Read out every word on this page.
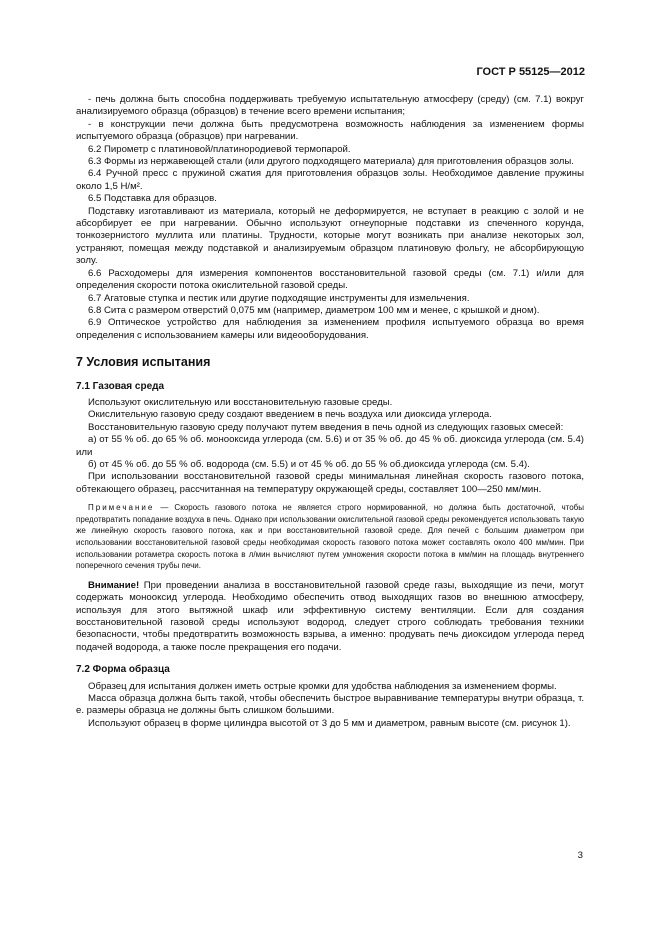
ГОСТ Р 55125—2012

- печь должна быть способна поддерживать требуемую испытательную атмосферу (среду) (см. 7.1) вокруг анализируемого образца (образцов) в течение всего времени испытания;

- в конструкции печи должна быть предусмотрена возможность наблюдения за изменением формы испытуемого образца (образцов) при нагревании.

6.2 Пирометр с платиновой/платинородиевой термопарой.

6.3 Формы из нержавеющей стали (или другого подходящего материала) для приготовления образцов золы.

6.4 Ручной пресс с пружиной сжатия для приготовления образцов золы. Необходимое давление пружины около 1,5 Н/м².

6.5 Подставка для образцов.

Подставку изготавливают из материала, который не деформируется, не вступает в реакцию с золой и не абсорбирует ее при нагревании. Обычно используют огнеупорные подставки из спеченного корунда, тонкозернистого муллита или платины. Трудности, которые могут возникать при анализе некоторых зол, устраняют, помещая между подставкой и анализируемым образцом платиновую фольгу, не абсорбирующую золу.

6.6 Расходомеры для измерения компонентов восстановительной газовой среды (см. 7.1) и/или для определения скорости потока окислительной газовой среды.

6.7 Агатовые ступка и пестик или другие подходящие инструменты для измельчения.

6.8 Сита с размером отверстий 0,075 мм (например, диаметром 100 мм и менее, с крышкой и дном).

6.9 Оптическое устройство для наблюдения за изменением профиля испытуемого образца во время определения с использованием камеры или видеооборудования.

7 Условия испытания
7.1 Газовая среда

Используют окислительную или восстановительную газовые среды.

Окислительную газовую среду создают введением в печь воздуха или диоксида углерода.

Восстановительную газовую среду получают путем введения в печь одной из следующих газовых смесей:

а) от 55 % об. до 65 % об. монооксида углерода (см. 5.6) и от 35 % об. до 45 % об. диоксида углерода (см. 5.4) или

б) от 45 % об. до 55 % об. водорода (см. 5.5) и от 45 % об. до 55 % об.диоксида углерода (см. 5.4).

При использовании восстановительной газовой среды минимальная линейная скорость газового потока, обтекающего образец, рассчитанная на температуру окружающей среды, составляет 100—250 мм/мин.

Примечание — Скорость газового потока не является строго нормированной, но должна быть достаточной, чтобы предотвратить попадание воздуха в печь. Однако при использовании окислительной газовой среды рекомендуется использовать такую же линейную скорость газового потока, как и при восстановительной газовой среде. Для печей с большим диаметром при использовании восстановительной газовой среды необходимая скорость газового потока может составлять около 400 мм/мин. При использовании ротаметра скорость потока в л/мин вычисляют путем умножения скорости потока в мм/мин на площадь внутреннего поперечного сечения трубы печи.

Внимание! При проведении анализа в восстановительной газовой среде газы, выходящие из печи, могут содержать монооксид углерода. Необходимо обеспечить отвод выходящих газов во внешнюю атмосферу, используя для этого вытяжной шкаф или эффективную систему вентиляции. Если для создания восстановительной газовой среды используют водород, следует строго соблюдать требования техники безопасности, чтобы предотвратить возможность взрыва, а именно: продувать печь диоксидом углерода перед подачей водорода, а также после прекращения его подачи.

7.2 Форма образца

Образец для испытания должен иметь острые кромки для удобства наблюдения за изменением формы.

Масса образца должна быть такой, чтобы обеспечить быстрое выравнивание температуры внутри образца, т. е. размеры образца не должны быть слишком большими.

Используют образец в форме цилиндра высотой от 3 до 5 мм и диаметром, равным высоте (см. рисунок 1).

3
